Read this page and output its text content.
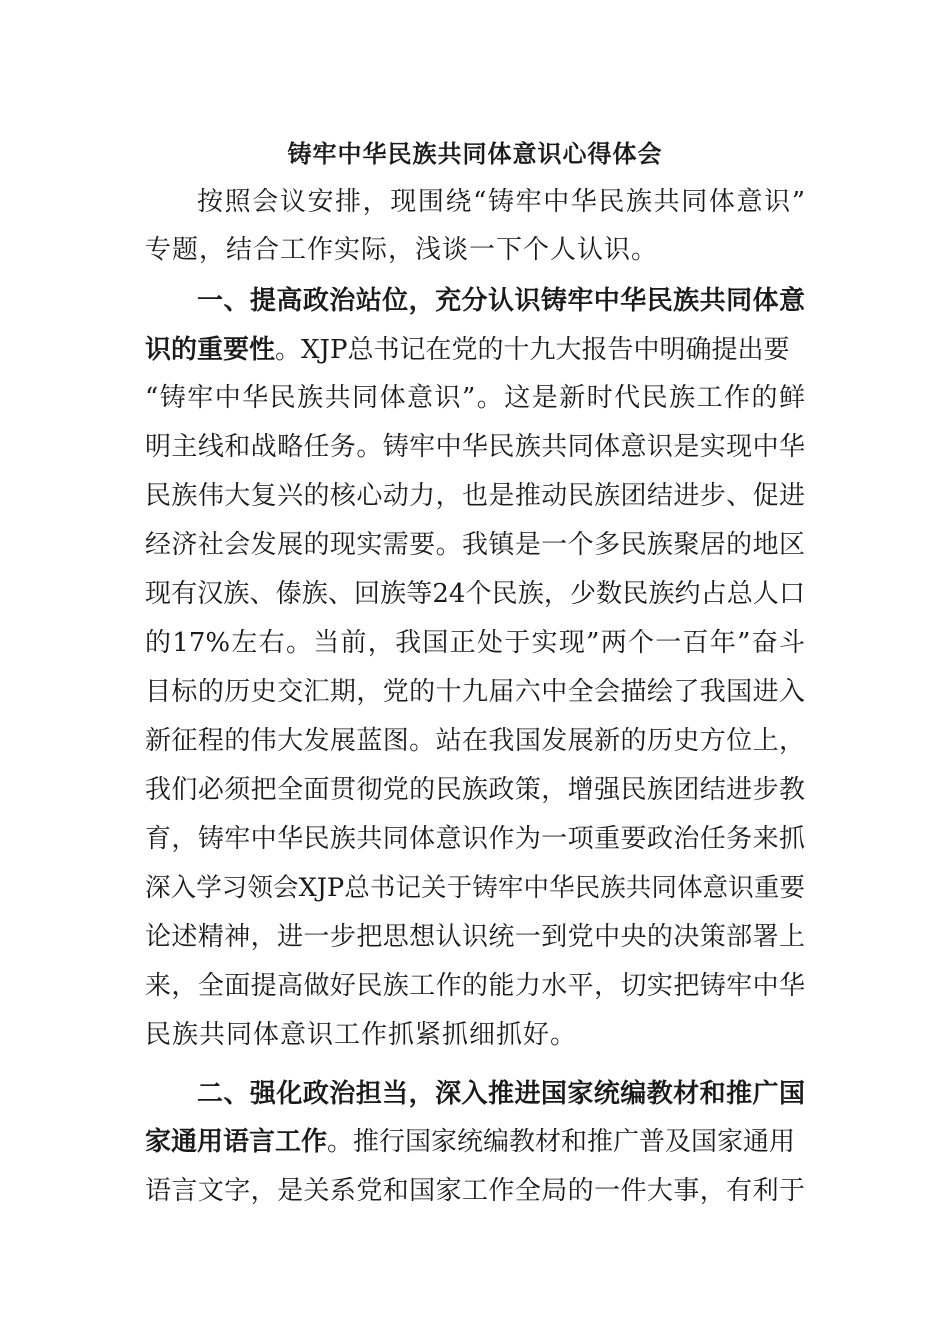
铸牢中华民族共同体意识心得体会
按照会议安排，现围绕“铸牢中华民族共同体意识”
专题，结合工作实际，浅谈一下个人认识。
一、提高政治站位，充分认识铸牢中华民族共同体意
识的重要性。XJP总书记在党的十九大报告中明确提出要
“铸牢中华民族共同体意识”。这是新时代民族工作的鲜
明主线和战略任务。铸牢中华民族共同体意识是实现中华
民族伟大复兴的核心动力，也是推动民族团结进步、促进
经济社会发展的现实需要。我镇是一个多民族聚居的地区
现有汉族、傣族、回族等24个民族，少数民族约占总人口
的17%左右。当前，我国正处于实现”两个一百年”奋斗
目标的历史交汇期，党的十九届六中全会描绘了我国进入
新征程的伟大发展蓝图。站在我国发展新的历史方位上，
我们必须把全面贯彻党的民族政策，增强民族团结进步教
育，铸牢中华民族共同体意识作为一项重要政治任务来抓
深入学习领会XJP总书记关于铸牢中华民族共同体意识重要
论述精神，进一步把思想认识统一到党中央的决策部署上
来，全面提高做好民族工作的能力水平，切实把铸牢中华
民族共同体意识工作抓紧抓细抓好。
二、强化政治担当，深入推进国家统编教材和推广国
家通用语言工作。推行国家统编教材和推广普及国家通用
语言文字，是关系党和国家工作全局的一件大事，有利于
